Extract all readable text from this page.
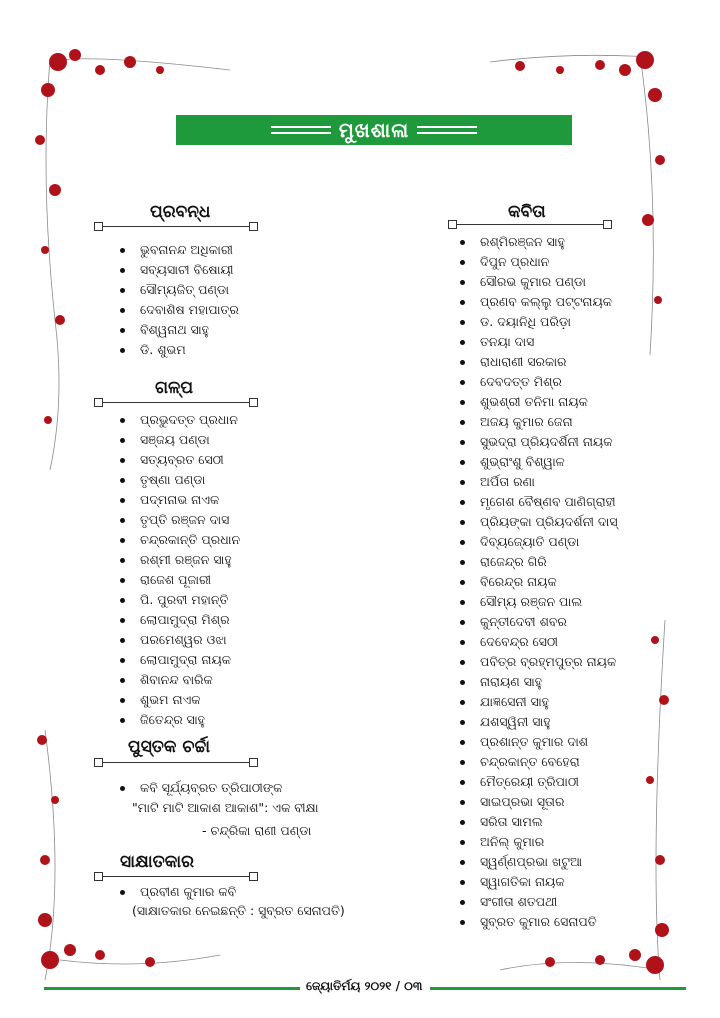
ମୁଖଶାଳା
ପ୍ରବନ୍ଧ
ଭୁବନାନନ୍ଦ ଅଧିକାରୀ
ସବ୍ୟସାଚୀ ବିଷୋୟୀ
ସୌମ୍ୟଜିତ୍ ପଣ୍ଡା
ଦେବାଶିଷ ମହାପାତ୍ର
ବିଶ୍ୱନାଥ ସାହୁ
ଡି. ଶୁଭମ
ଗଳ୍ପ
ପ୍ରଭୁଦତ୍ତ ପ୍ରଧାନ
ସଞ୍ଜୟ ପଣ୍ଡା
ସତ୍ୟବ୍ରତ ସେଠୀ
ତୃଷ୍ଣା ପଣ୍ଡା
ପଦ୍ମନାଭ ନାଏକ
ତୃପ୍ତି ରଞ୍ଜନ ଦାସ
ଚନ୍ଦ୍ରକାନ୍ତି ପ୍ରଧାନ
ରଶ୍ମୀ ରଞ୍ଜନ ସାହୁ
ରାଜେଶ ପୂଜାରୀ
ପି. ପୁରବୀ ମହାନ୍ତି
ଲୋପାମୁଦ୍ରା ମିଶ୍ର
ପରମେଶ୍ୱର ଓଝା
ଲୋପାମୁଦ୍ରା ନାୟକ
ଶିବାନନ୍ଦ ବାରିକ
ଶୁଭମ ନାଏକ
ଜିତେନ୍ଦ୍ର ସାହୁ
ପୁସ୍ତକ ଚର୍ଚ୍ଚା
କବି ସୂର୍ଯ୍ୟବ୍ରତ ତ୍ରିପାଠୀଙ୍କ
"ମାଟି ମାଟି ଆକାଶ ଆକାଶ": ଏକ ବୀକ୍ଷା
- ଚନ୍ଦ୍ରିକା ରାଣୀ ପଣ୍ଡା
ସାକ୍ଷାତକାର
ପ୍ରବୀଣ କୁମାର କବି
(ସାକ୍ଷାତକାର ନେଇଛନ୍ତି : ସୁବ୍ରତ ସେନାପତି)
କବିତା
ରଶ୍ମିରଞ୍ଜନ ସାହୁ
ଦିପୁନ ପ୍ରଧାନ
ସୌରଭ କୁମାର ପଣ୍ଡା
ପ୍ରଣବ କଲ୍ଲୁ ପଟ୍ଟନାୟକ
ଡ. ଦୟାନିଧି ପରିଡ଼ା
ତନୟା ଦାସ
ରାଧାରାଣୀ ସରକାର
ଦେବଦତ୍ତ ମିଶ୍ର
ଶୁଭଶ୍ରୀ ତନିମା ନାୟକ
ଅଜୟ କୁମାର ଜେନା
ସୁଭଦ୍ରା ପ୍ରିୟଦର୍ଶିନୀ ନାୟକ
ଶୁଭ୍ରାଂଶୁ ବିଶ୍ୱାଳ
ଅର୍ପିତା ରଣା
ମୃଗେଶ ବୈଷ୍ଣବ ପାଣିଗ୍ରାହୀ
ପ୍ରିୟଙ୍କା ପ୍ରିୟଦର୍ଶନୀ ଦାସ୍
ଦିବ୍ୟଜ୍ୟୋତି ପଣ୍ଡା
ରାଜେନ୍ଦ୍ର ଗିରି
ବିରେନ୍ଦ୍ର ନାୟକ
ସୌମ୍ୟ ରଞ୍ଜନ ପାଲ
କୁନ୍ତୀଦେବୀ ଶବର
ଦେବେନ୍ଦ୍ର ସେଠୀ
ପବିତ୍ର ବ୍ରହ୍ମପୁତ୍ର ନାୟକ
ନାରାୟଣ ସାହୁ
ଯାଜ୍ଞସେନୀ ସାହୁ
ଯଶସ୍ୱିନୀ ସାହୁ
ପ୍ରଶାନ୍ତ କୁମାର ଦାଶ
ଚନ୍ଦ୍ରକାନ୍ତ ବେହେରା
ମୈତ୍ରେୟୀ ତ୍ରିପାଠୀ
ସାଇପ୍ରଭା ସୂତାର
ସରିତା ସାମଲ
ଅନିଲ୍ କୁମାର
ସ୍ୱର୍ଣ୍ଣପ୍ରଭା ଖଟୁଆ
ସ୍ୱାଗତିକା ନାୟକ
ସଂଗୀତା ଶତପଥୀ
ସୁବ୍ରତ କୁମାର ସେନାପତି
ଜ୍ୟୋତିର୍ମୟ ୨୦୨୧ / ୦୩
